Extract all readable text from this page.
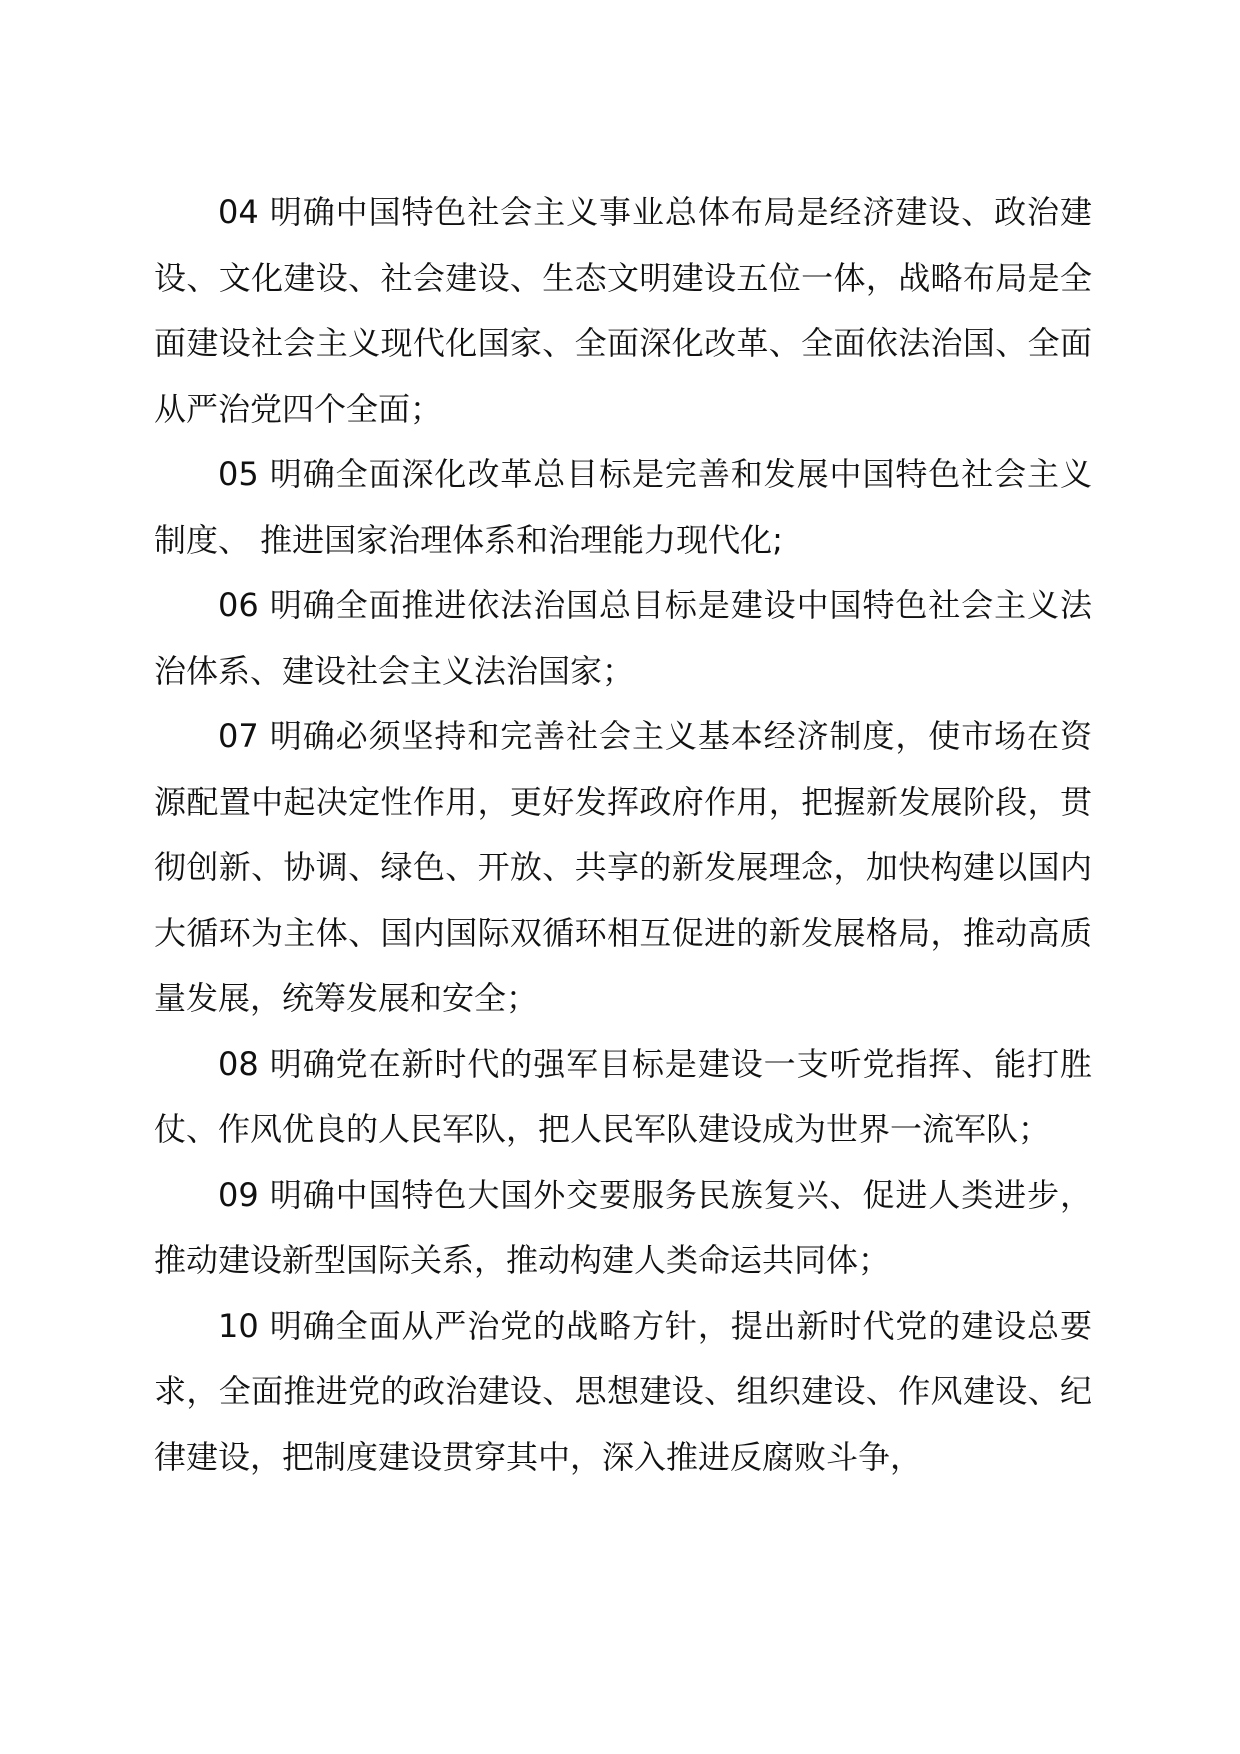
04 明确中国特色社会主义事业总体布局是经济建设、政治建设、文化建设、社会建设、生态文明建设五位一体，战略布局是全面建设社会主义现代化国家、全面深化改革、全面依法治国、全面从严治党四个全面；

05 明确全面深化改革总目标是完善和发展中国特色社会主义制度、 推进国家治理体系和治理能力现代化;

06 明确全面推进依法治国总目标是建设中国特色社会主义法治体系、建设社会主义法治国家；

07 明确必须坚持和完善社会主义基本经济制度，使市场在资源配置中起决定性作用，更好发挥政府作用，把握新发展阶段，贯彻创新、协调、绿色、开放、共享的新发展理念，加快构建以国内大循环为主体、国内国际双循环相互促进的新发展格局，推动高质量发展，统筹发展和安全；

08 明确党在新时代的强军目标是建设一支听党指挥、能打胜仗、作风优良的人民军队，把人民军队建设成为世界一流军队；

09 明确中国特色大国外交要服务民族复兴、促进人类进步，推动建设新型国际关系，推动构建人类命运共同体；

10 明确全面从严治党的战略方针，提出新时代党的建设总要求，全面推进党的政治建设、思想建设、组织建设、作风建设、纪律建设，把制度建设贯穿其中，深入推进反腐败斗争，
